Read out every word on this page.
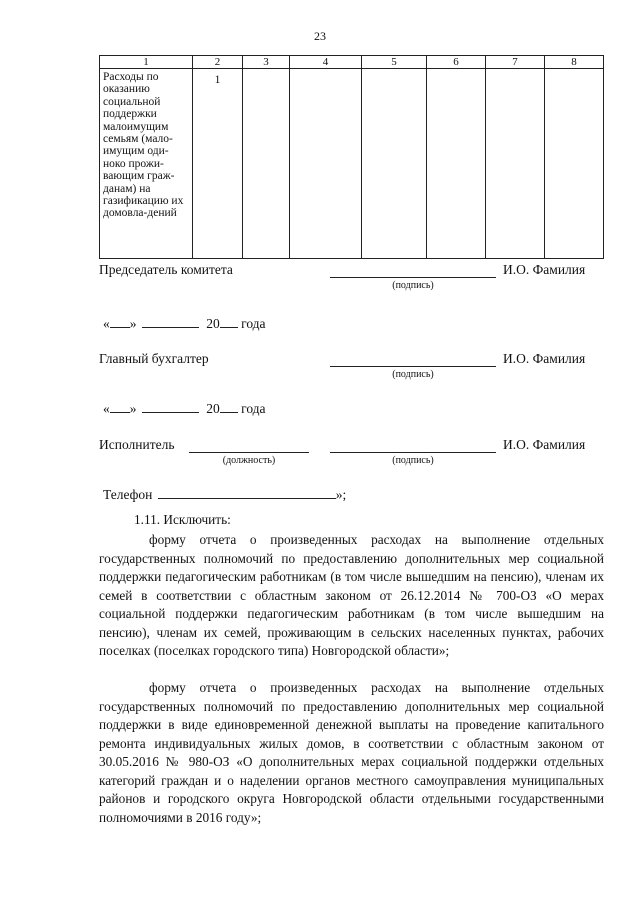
23
1	2	3	4	5	6	7	8
Расходы по оказанию социальной поддержки малоимущим семьям (мало-имущим оди-ноко прожи-вающим граж-данам) на газификацию их домовла-дений	1						
Председатель комитета	И.О. Фамилия
(подпись)
« »	20 года
Главный бухгалтер	И.О. Фамилия
(подпись)
« »	20 года
Исполнитель
(должность)
И.О. Фамилия
(подпись)
Телефон	»;
1.11. Исключить:
форму отчета о произведенных расходах на выполнение отдельных государственных полномочий по предоставлению дополнительных мер социальной поддержки педагогическим работникам (в том числе вышедшим на пенсию), членам их семей в соответствии с областным законом от 26.12.2014 № 700-ОЗ «О мерах социальной поддержки педагогическим работникам (в том числе вышедшим на пенсию), членам их семей, проживающим в сельских населенных пунктах, рабочих поселках (поселках городского типа) Новгородской области»;
форму отчета о произведенных расходах на выполнение отдельных государственных полномочий по предоставлению дополнительных мер социальной поддержки в виде единовременной денежной выплаты на проведение капитального ремонта индивидуальных жилых домов, в соответствии с областным законом от 30.05.2016 № 980-ОЗ «О дополнительных мерах социальной поддержки отдельных категорий граждан и о наделении органов местного самоуправления муниципальных районов и городского округа Новгородской области отдельными государственными полномочиями в 2016 году»;
